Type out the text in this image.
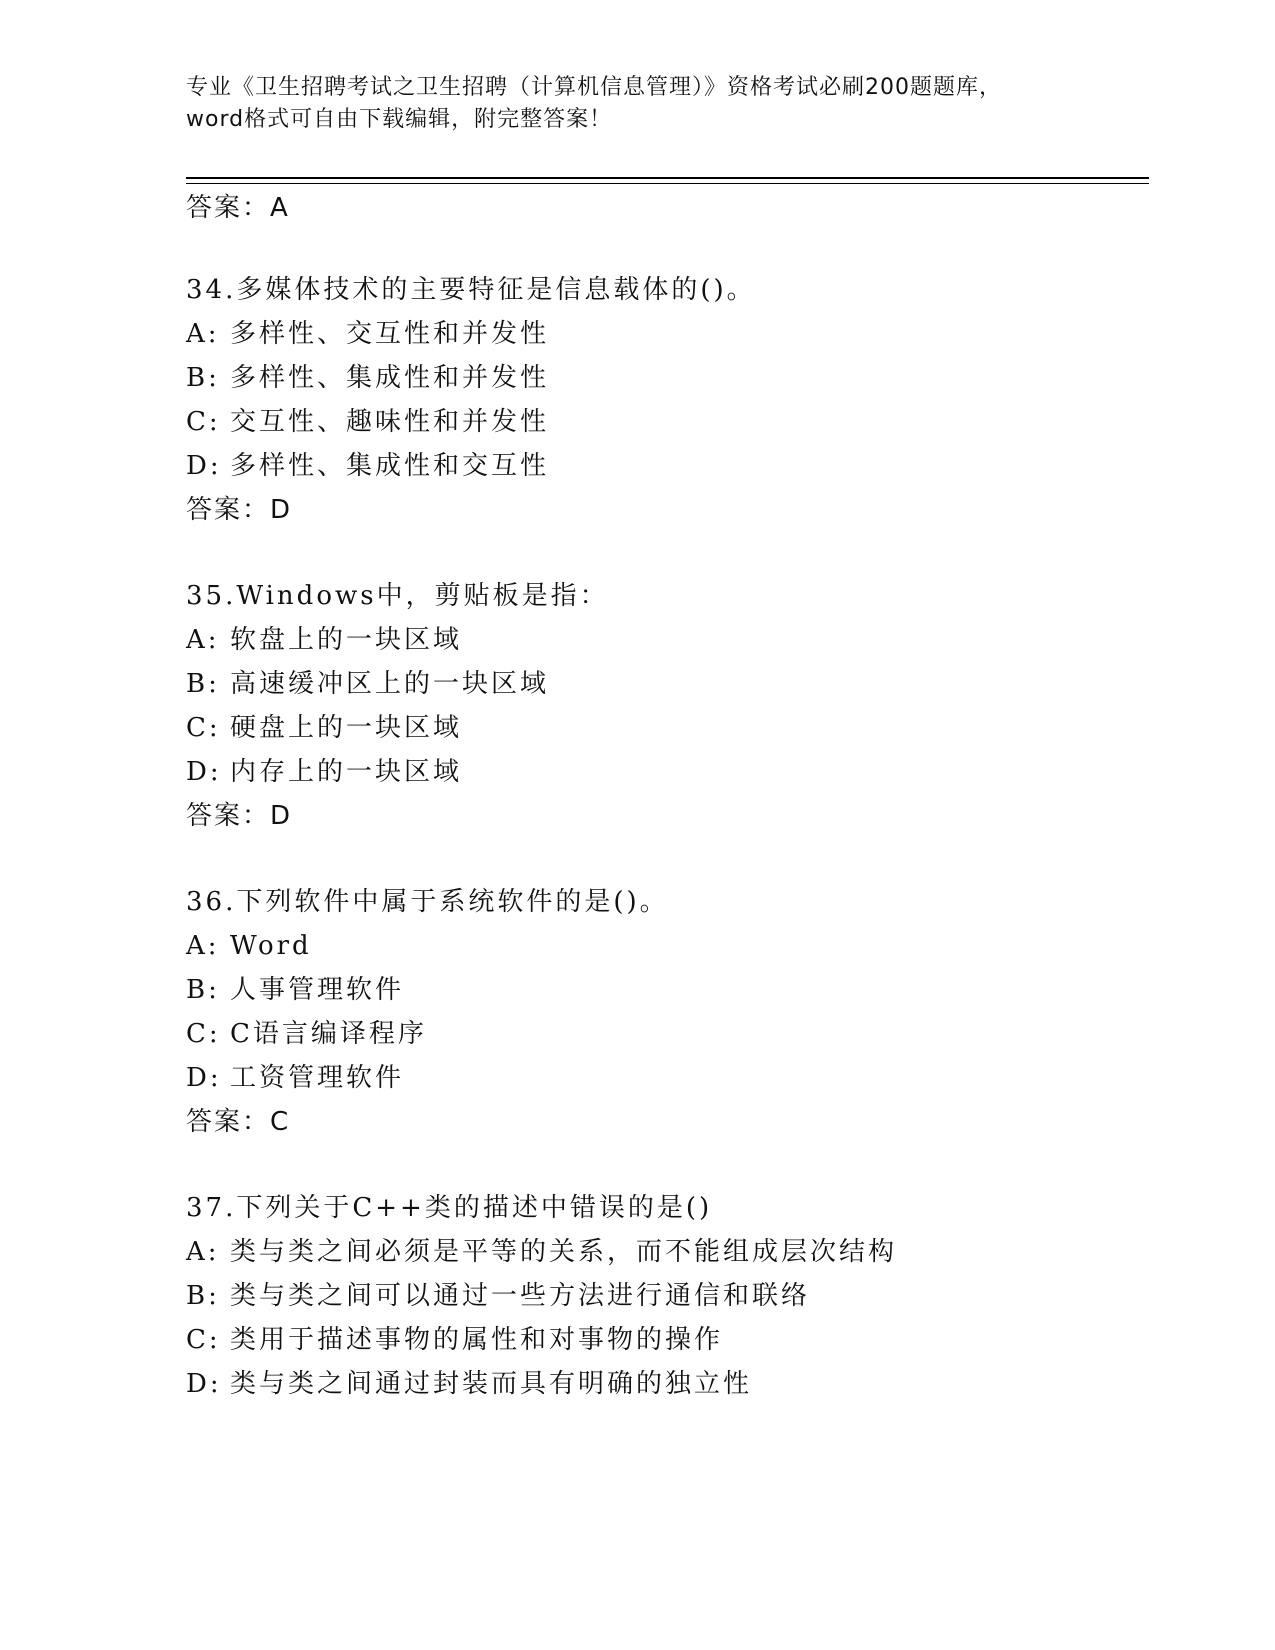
专业《卫生招聘考试之卫生招聘（计算机信息管理）》资格考试必刷200题题库，
word格式可自由下载编辑，附完整答案！
答案：A
34.多媒体技术的主要特征是信息载体的()。
A: 多样性、交互性和并发性
B: 多样性、集成性和并发性
C: 交互性、趣味性和并发性
D: 多样性、集成性和交互性
答案：D
35.Windows中，剪贴板是指：
A: 软盘上的一块区域
B: 高速缓冲区上的一块区域
C: 硬盘上的一块区域
D: 内存上的一块区域
答案：D
36.下列软件中属于系统软件的是()。
A: Word
B: 人事管理软件
C: C语言编译程序
D: 工资管理软件
答案：C
37.下列关于C++类的描述中错误的是()
A: 类与类之间必须是平等的关系，而不能组成层次结构
B: 类与类之间可以通过一些方法进行通信和联络
C: 类用于描述事物的属性和对事物的操作
D: 类与类之间通过封装而具有明确的独立性
